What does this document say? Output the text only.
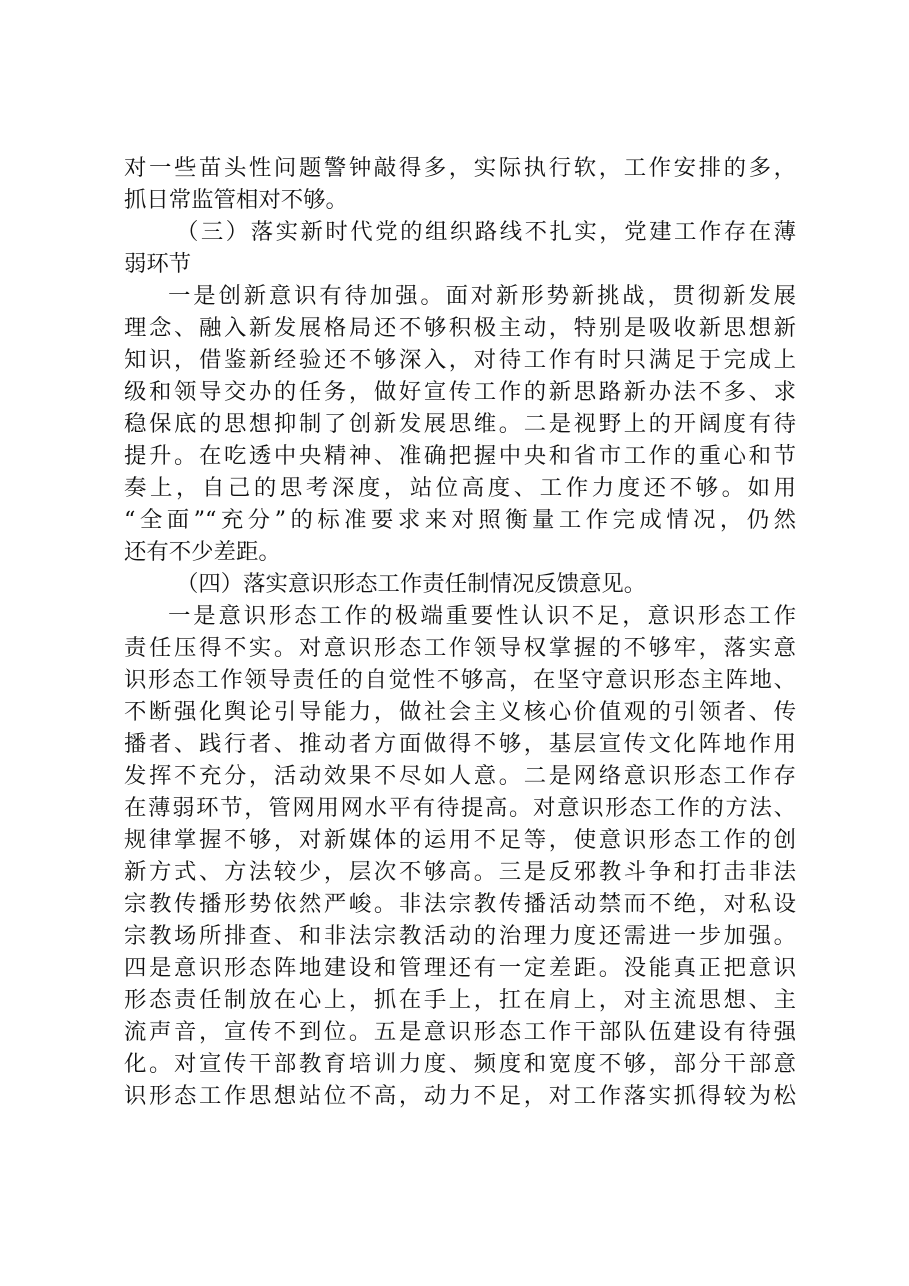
对一些苗头性问题警钟敲得多，实际执行软，工作安排的多，
抓日常监管相对不够。
（三）落实新时代党的组织路线不扎实，党建工作存在薄
弱环节
一是创新意识有待加强。面对新形势新挑战，贯彻新发展
理念、融入新发展格局还不够积极主动，特别是吸收新思想新
知识，借鉴新经验还不够深入，对待工作有时只满足于完成上
级和领导交办的任务，做好宣传工作的新思路新办法不多、求
稳保底的思想抑制了创新发展思维。二是视野上的开阔度有待
提升。在吃透中央精神、准确把握中央和省市工作的重心和节
奏上，自己的思考深度，站位高度、工作力度还不够。如用
“全面”“充分”的标准要求来对照衡量工作完成情况，仍然
还有不少差距。
（四）落实意识形态工作责任制情况反馈意见。
一是意识形态工作的极端重要性认识不足，意识形态工作
责任压得不实。对意识形态工作领导权掌握的不够牢，落实意
识形态工作领导责任的自觉性不够高，在坚守意识形态主阵地、
不断强化舆论引导能力，做社会主义核心价值观的引领者、传
播者、践行者、推动者方面做得不够，基层宣传文化阵地作用
发挥不充分，活动效果不尽如人意。二是网络意识形态工作存
在薄弱环节，管网用网水平有待提高。对意识形态工作的方法、
规律掌握不够，对新媒体的运用不足等，使意识形态工作的创
新方式、方法较少，层次不够高。三是反邪教斗争和打击非法
宗教传播形势依然严峻。非法宗教传播活动禁而不绝，对私设
宗教场所排查、和非法宗教活动的治理力度还需进一步加强。
四是意识形态阵地建设和管理还有一定差距。没能真正把意识
形态责任制放在心上，抓在手上，扛在肩上，对主流思想、主
流声音，宣传不到位。五是意识形态工作干部队伍建设有待强
化。对宣传干部教育培训力度、频度和宽度不够，部分干部意
识形态工作思想站位不高，动力不足，对工作落实抓得较为松
